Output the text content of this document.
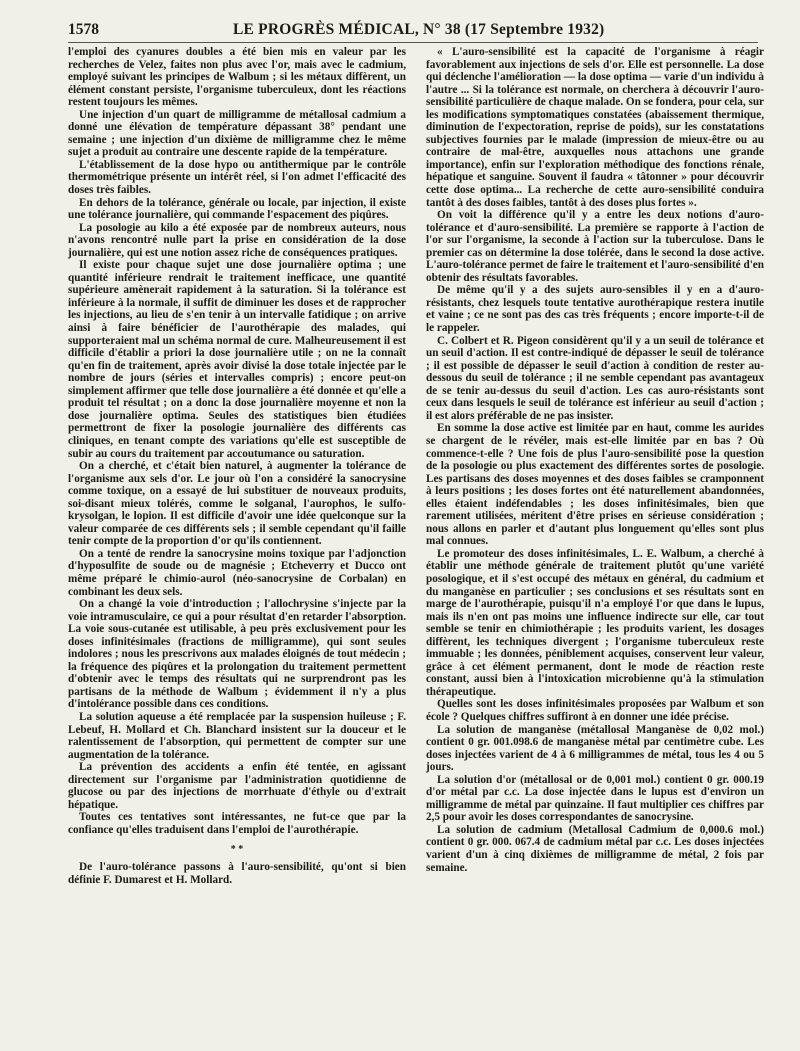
1578	LE PROGRÈS MÉDICAL, N° 38 (17 Septembre 1932)

l'emploi des cyanures doubles a été bien mis en valeur par les recherches de Velez, faites non plus avec l'or, mais avec le cadmium, employé suivant les principes de Walbum ; si les métaux diffèrent, un élément constant persiste, l'organisme tuberculeux, dont les réactions restent toujours les mêmes.

Une injection d'un quart de milligramme de métallosal cadmium a donné une élévation de température dépassant 38° pendant une semaine ; une injection d'un dixième de milligramme chez le même sujet a produit au contraire une descente rapide de la température.

L'établissement de la dose hypo ou antithermique par le contrôle thermométrique présente un intérêt réel, si l'on admet l'efficacité des doses très faibles.

En dehors de la tolérance, générale ou locale, par injection, il existe une tolérance journalière, qui commande l'espacement des piqûres.

La posologie au kilo a été exposée par de nombreux auteurs, nous n'avons rencontré nulle part la prise en considération de la dose journalière, qui est une notion assez riche de conséquences pratiques.

Il existe pour chaque sujet une dose journalière optima ; une quantité inférieure rendrait le traitement inefficace, une quantité supérieure amènerait rapidement à la saturation. Si la tolérance est inférieure à la normale, il suffit de diminuer les doses et de rapprocher les injections, au lieu de s'en tenir à un intervalle fatidique ; on arrive ainsi à faire bénéficier de l'aurothérapie des malades, qui supporteraient mal un schéma normal de cure. Malheureusement il est difficile d'établir a priori la dose journalière utile ; on ne la connaît qu'en fin de traitement, après avoir divisé la dose totale injectée par le nombre de jours (séries et intervalles compris) ; encore peut-on simplement affirmer que telle dose journalière a été donnée et qu'elle a produit tel résultat ; on a donc la dose journalière moyenne et non la dose journalière optima. Seules des statistiques bien étudiées permettront de fixer la posologie journalière des différents cas cliniques, en tenant compte des variations qu'elle est susceptible de subir au cours du traitement par accoutumance ou saturation.

On a cherché, et c'était bien naturel, à augmenter la tolérance de l'organisme aux sels d'or. Le jour où l'on a considéré la sanocrysine comme toxique, on a essayé de lui substituer de nouveaux produits, soi-disant mieux tolérés, comme le solganal, l'aurophos, le sulfo-krysolgan, le lopion. Il est difficile d'avoir une idée quelconque sur la valeur comparée de ces différents sels ; il semble cependant qu'il faille tenir compte de la proportion d'or qu'ils contiennent.

On a tenté de rendre la sanocrysine moins toxique par l'adjonction d'hyposulfite de soude ou de magnésie ; Etcheverry et Ducco ont même préparé le chimio-aurol (néo-sanocrysine de Corbalan) en combinant les deux sels.

On a changé la voie d'introduction ; l'allochrysine s'injecte par la voie intramusculaire, ce qui a pour résultat d'en retarder l'absorption. La voie sous-cutanée est utilisable, à peu près exclusivement pour les doses infinitésimales (fractions de milligramme), qui sont seules indolores ; nous les prescrivons aux malades éloignés de tout médecin ; la fréquence des piqûres et la prolongation du traitement permettent d'obtenir avec le temps des résultats qui ne surprendront pas les partisans de la méthode de Walbum ; évidemment il n'y a plus d'intolérance possible dans ces conditions.

La solution aqueuse a été remplacée par la suspension huileuse ; F. Lebeuf, H. Mollard et Ch. Blanchard insistent sur la douceur et le ralentissement de l'absorption, qui permettent de compter sur une augmentation de la tolérance.

La prévention des accidents a enfin été tentée, en agissant directement sur l'organisme par l'administration quotidienne de glucose ou par des injections de morrhuate d'éthyle ou d'extrait hépatique.

Toutes ces tentatives sont intéressantes, ne fut-ce que par la confiance qu'elles traduisent dans l'emploi de l'aurothérapie.

* *

De l'auro-tolérance passons à l'auro-sensibilité, qu'ont si bien définie F. Dumarest et H. Mollard.

« L'auro-sensibilité est la capacité de l'organisme à réagir favorablement aux injections de sels d'or. Elle est personnelle. La dose qui déclenche l'amélioration — la dose optima — varie d'un individu à l'autre ... Si la tolérance est normale, on cherchera à découvrir l'auro-sensibilité particulière de chaque malade. On se fondera, pour cela, sur les modifications symptomatiques constatées (abaissement thermique, diminution de l'expectoration, reprise de poids), sur les constatations subjectives fournies par le malade (impression de mieux-être ou au contraire de mal-être, auxquelles nous attachons une grande importance), enfin sur l'exploration méthodique des fonctions rénale, hépatique et sanguine. Souvent il faudra « tâtonner » pour découvrir cette dose optima... La recherche de cette auro-sensibilité conduira tantôt à des doses faibles, tantôt à des doses plus fortes ».

On voit la différence qu'il y a entre les deux notions d'auro-tolérance et d'auro-sensibilité. La première se rapporte à l'action de l'or sur l'organisme, la seconde à l'action sur la tuberculose. Dans le premier cas on détermine la dose tolérée, dans le second la dose active. L'auro-tolérance permet de faire le traitement et l'auro-sensibilité d'en obtenir des résultats favorables.

De même qu'il y a des sujets auro-sensibles il y en a d'auro-résistants, chez lesquels toute tentative aurothérapique restera inutile et vaine ; ce ne sont pas des cas très fréquents ; encore importe-t-il de le rappeler.

C. Colbert et R. Pigeon considèrent qu'il y a un seuil de tolérance et un seuil d'action. Il est contre-indiqué de dépasser le seuil de tolérance ; il est possible de dépasser le seuil d'action à condition de rester au-dessous du seuil de tolérance ; il ne semble cependant pas avantageux de se tenir au-dessus du seuil d'action. Les cas auro-résistants sont ceux dans lesquels le seuil de tolérance est inférieur au seuil d'action ; il est alors préférable de ne pas insister.

En somme la dose active est limitée par en haut, comme les aurides se chargent de le révéler, mais est-elle limitée par en bas ? Où commence-t-elle ? Une fois de plus l'auro-sensibilité pose la question de la posologie ou plus exactement des différentes sortes de posologie. Les partisans des doses moyennes et des doses faibles se cramponnent à leurs positions ; les doses fortes ont été naturellement abandonnées, elles étaient indéfendables ; les doses infinitésimales, bien que rarement utilisées, méritent d'être prises en sérieuse considération ; nous allons en parler et d'autant plus longuement qu'elles sont plus mal connues.

Le promoteur des doses infinitésimales, L. E. Walbum, a cherché à établir une méthode générale de traitement plutôt qu'une variété posologique, et il s'est occupé des métaux en général, du cadmium et du manganèse en particulier ; ses conclusions et ses résultats sont en marge de l'aurothérapie, puisqu'il n'a employé l'or que dans le lupus, mais ils n'en ont pas moins une influence indirecte sur elle, car tout semble se tenir en chimiothérapie ; les produits varient, les dosages diffèrent, les techniques divergent ; l'organisme tuberculeux reste immuable ; les données, péniblement acquises, conservent leur valeur, grâce à cet élément permanent, dont le mode de réaction reste constant, aussi bien à l'intoxication microbienne qu'à la stimulation thérapeutique.

Quelles sont les doses infinitésimales proposées par Walbum et son école ? Quelques chiffres suffiront à en donner une idée précise.

La solution de manganèse (métallosal Manganèse de 0,02 mol.) contient 0 gr. 001.098.6 de manganèse métal par centimètre cube. Les doses injectées varient de 4 à 6 milligrammes de métal, tous les 4 ou 5 jours.

La solution d'or (métallosal or de 0,001 mol.) contient 0 gr. 000.19 d'or métal par c.c. La dose injectée dans le lupus est d'environ un milligramme de métal par quinzaine. Il faut multiplier ces chiffres par 2,5 pour avoir les doses correspondantes de sanocrysine.

La solution de cadmium (Metallosal Cadmium de 0,000.6 mol.) contient 0 gr. 000. 067.4 de cadmium métal par c.c. Les doses injectées varient d'un à cinq dixièmes de milligramme de métal, 2 fois par semaine.
